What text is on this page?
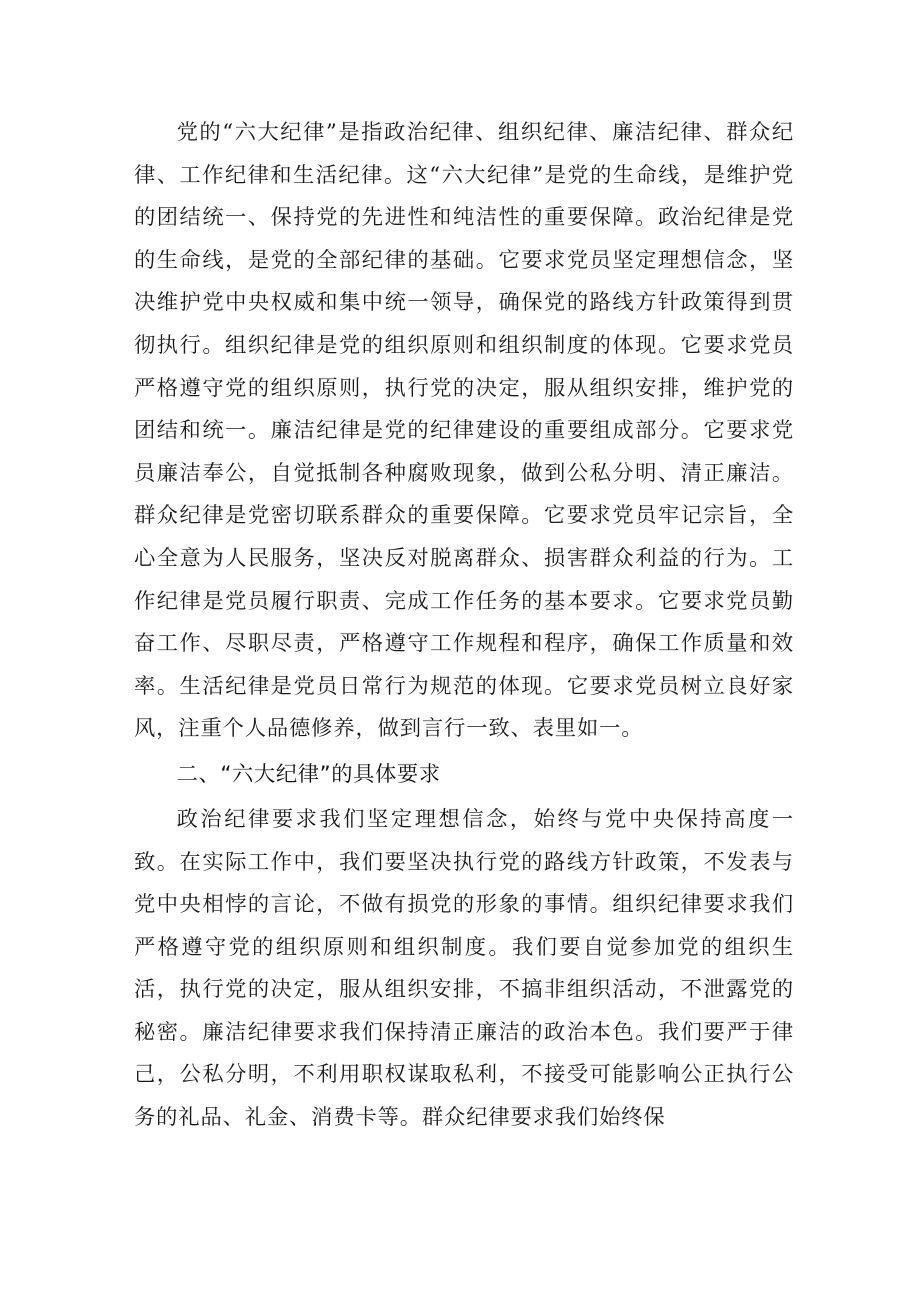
党的“六大纪律”是指政治纪律、组织纪律、廉洁纪律、群众纪律、工作纪律和生活纪律。这“六大纪律”是党的生命线，是维护党的团结统一、保持党的先进性和纯洁性的重要保障。政治纪律是党的生命线，是党的全部纪律的基础。它要求党员坚定理想信念，坚决维护党中央权威和集中统一领导，确保党的路线方针政策得到贯彻执行。组织纪律是党的组织原则和组织制度的体现。它要求党员严格遵守党的组织原则，执行党的决定，服从组织安排，维护党的团结和统一。廉洁纪律是党的纪律建设的重要组成部分。它要求党员廉洁奉公，自觉抵制各种腐败现象，做到公私分明、清正廉洁。群众纪律是党密切联系群众的重要保障。它要求党员牢记宗旨，全心全意为人民服务，坚决反对脱离群众、损害群众利益的行为。工作纪律是党员履行职责、完成工作任务的基本要求。它要求党员勤奋工作、尽职尽责，严格遵守工作规程和程序，确保工作质量和效率。生活纪律是党员日常行为规范的体现。它要求党员树立良好家风，注重个人品德修养，做到言行一致、表里如一。

二、“六大纪律”的具体要求

政治纪律要求我们坚定理想信念，始终与党中央保持高度一致。在实际工作中，我们要坚决执行党的路线方针政策，不发表与党中央相悖的言论，不做有损党的形象的事情。组织纪律要求我们严格遵守党的组织原则和组织制度。我们要自觉参加党的组织生活，执行党的决定，服从组织安排，不搞非组织活动，不泄露党的秘密。廉洁纪律要求我们保持清正廉洁的政治本色。我们要严于律己，公私分明，不利用职权谋取私利，不接受可能影响公正执行公务的礼品、礼金、消费卡等。群众纪律要求我们始终保
